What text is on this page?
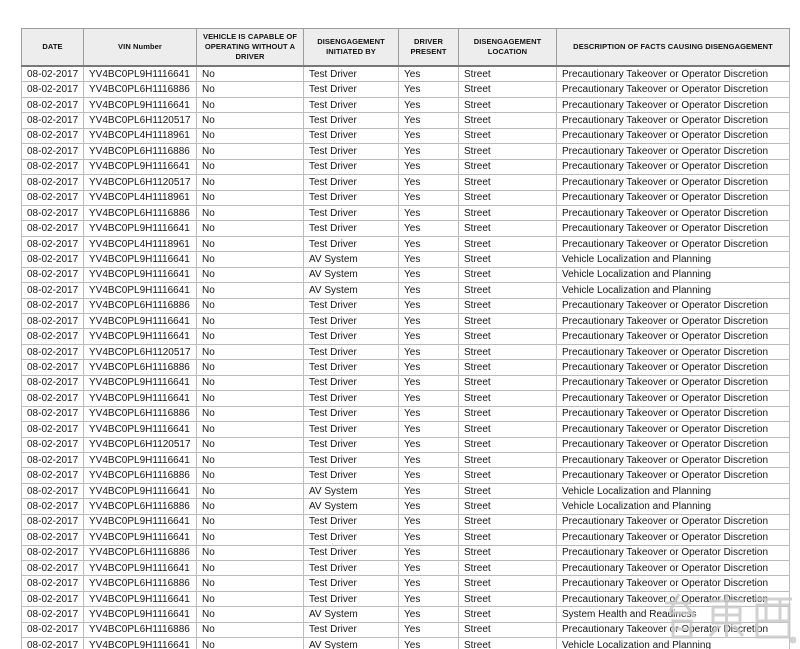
DATE	VIN Number	VEHICLE IS CAPABLE OF OPERATING WITHOUT A DRIVER	DISENGAGEMENT INITIATED BY	DRIVER PRESENT	DISENGAGEMENT LOCATION	DESCRIPTION OF FACTS CAUSING DISENGAGEMENT
08-02-2017	YV4BC0PL9H1116641	No	Test Driver	Yes	Street	Precautionary Takeover or Operator Discretion
08-02-2017	YV4BC0PL6H1116886	No	Test Driver	Yes	Street	Precautionary Takeover or Operator Discretion
08-02-2017	YV4BC0PL9H1116641	No	Test Driver	Yes	Street	Precautionary Takeover or Operator Discretion
08-02-2017	YV4BC0PL6H1120517	No	Test Driver	Yes	Street	Precautionary Takeover or Operator Discretion
08-02-2017	YV4BC0PL4H1118961	No	Test Driver	Yes	Street	Precautionary Takeover or Operator Discretion
08-02-2017	YV4BC0PL6H1116886	No	Test Driver	Yes	Street	Precautionary Takeover or Operator Discretion
08-02-2017	YV4BC0PL9H1116641	No	Test Driver	Yes	Street	Precautionary Takeover or Operator Discretion
08-02-2017	YV4BC0PL6H1120517	No	Test Driver	Yes	Street	Precautionary Takeover or Operator Discretion
08-02-2017	YV4BC0PL4H1118961	No	Test Driver	Yes	Street	Precautionary Takeover or Operator Discretion
08-02-2017	YV4BC0PL6H1116886	No	Test Driver	Yes	Street	Precautionary Takeover or Operator Discretion
08-02-2017	YV4BC0PL9H1116641	No	Test Driver	Yes	Street	Precautionary Takeover or Operator Discretion
08-02-2017	YV4BC0PL4H1118961	No	Test Driver	Yes	Street	Precautionary Takeover or Operator Discretion
08-02-2017	YV4BC0PL9H1116641	No	AV System	Yes	Street	Vehicle Localization and Planning
08-02-2017	YV4BC0PL9H1116641	No	AV System	Yes	Street	Vehicle Localization and Planning
08-02-2017	YV4BC0PL9H1116641	No	AV System	Yes	Street	Vehicle Localization and Planning
08-02-2017	YV4BC0PL6H1116886	No	Test Driver	Yes	Street	Precautionary Takeover or Operator Discretion
08-02-2017	YV4BC0PL9H1116641	No	Test Driver	Yes	Street	Precautionary Takeover or Operator Discretion
08-02-2017	YV4BC0PL9H1116641	No	Test Driver	Yes	Street	Precautionary Takeover or Operator Discretion
08-02-2017	YV4BC0PL6H1120517	No	Test Driver	Yes	Street	Precautionary Takeover or Operator Discretion
08-02-2017	YV4BC0PL6H1116886	No	Test Driver	Yes	Street	Precautionary Takeover or Operator Discretion
08-02-2017	YV4BC0PL9H1116641	No	Test Driver	Yes	Street	Precautionary Takeover or Operator Discretion
08-02-2017	YV4BC0PL9H1116641	No	Test Driver	Yes	Street	Precautionary Takeover or Operator Discretion
08-02-2017	YV4BC0PL6H1116886	No	Test Driver	Yes	Street	Precautionary Takeover or Operator Discretion
08-02-2017	YV4BC0PL9H1116641	No	Test Driver	Yes	Street	Precautionary Takeover or Operator Discretion
08-02-2017	YV4BC0PL6H1120517	No	Test Driver	Yes	Street	Precautionary Takeover or Operator Discretion
08-02-2017	YV4BC0PL9H1116641	No	Test Driver	Yes	Street	Precautionary Takeover or Operator Discretion
08-02-2017	YV4BC0PL6H1116886	No	Test Driver	Yes	Street	Precautionary Takeover or Operator Discretion
08-02-2017	YV4BC0PL9H1116641	No	AV System	Yes	Street	Vehicle Localization and Planning
08-02-2017	YV4BC0PL6H1116886	No	AV System	Yes	Street	Vehicle Localization and Planning
08-02-2017	YV4BC0PL9H1116641	No	Test Driver	Yes	Street	Precautionary Takeover or Operator Discretion
08-02-2017	YV4BC0PL9H1116641	No	Test Driver	Yes	Street	Precautionary Takeover or Operator Discretion
08-02-2017	YV4BC0PL6H1116886	No	Test Driver	Yes	Street	Precautionary Takeover or Operator Discretion
08-02-2017	YV4BC0PL9H1116641	No	Test Driver	Yes	Street	Precautionary Takeover or Operator Discretion
08-02-2017	YV4BC0PL6H1116886	No	Test Driver	Yes	Street	Precautionary Takeover or Operator Discretion
08-02-2017	YV4BC0PL9H1116641	No	Test Driver	Yes	Street	Precautionary Takeover or Operator Discretion
08-02-2017	YV4BC0PL9H1116641	No	AV System	Yes	Street	System Health and Readiness
08-02-2017	YV4BC0PL6H1116886	No	Test Driver	Yes	Street	Precautionary Takeover or Operator Discretion
08-02-2017	YV4BC0PL9H1116641	No	AV System	Yes	Street	Vehicle Localization and Planning
